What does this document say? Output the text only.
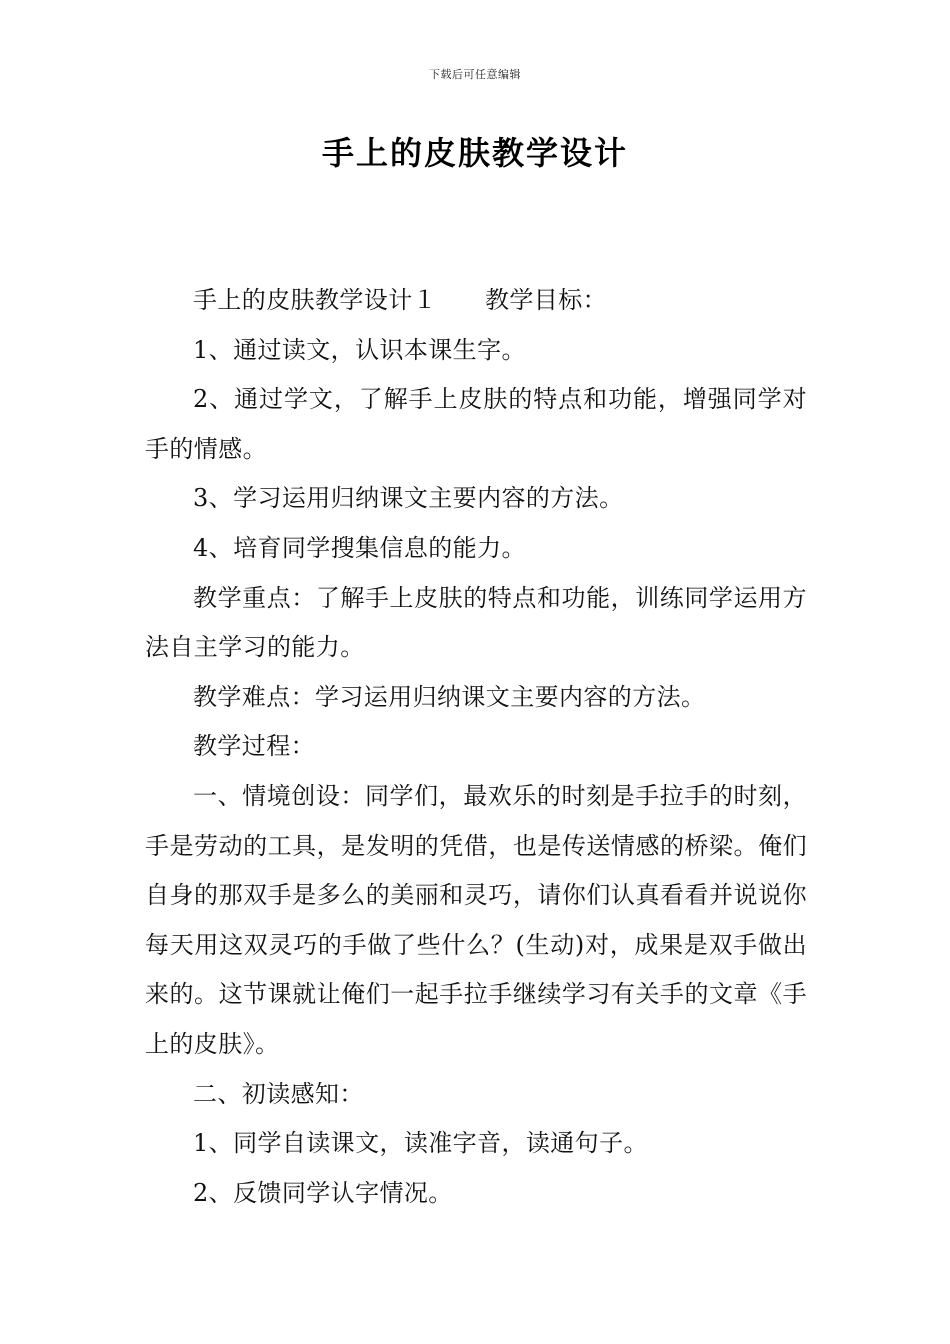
下载后可任意编辑
手上的皮肤教学设计

手上的皮肤教学设计１ 教学目标：

1、通过读文，认识本课生字。

2、通过学文，了解手上皮肤的特点和功能，增强同学对手的情感。

3、学习运用归纳课文主要内容的方法。

4、培育同学搜集信息的能力。

教学重点：了解手上皮肤的特点和功能，训练同学运用方法自主学习的能力。

教学难点：学习运用归纳课文主要内容的方法。

教学过程：

一、情境创设：同学们，最欢乐的时刻是手拉手的时刻，手是劳动的工具，是发明的凭借，也是传送情感的桥梁。俺们自身的那双手是多么的美丽和灵巧，请你们认真看看并说说你每天用这双灵巧的手做了些什么？(生动)对，成果是双手做出来的。这节课就让俺们一起手拉手继续学习有关手的文章《手上的皮肤》。

二、初读感知：

1、同学自读课文，读准字音，读通句子。

2、反馈同学认字情况。
